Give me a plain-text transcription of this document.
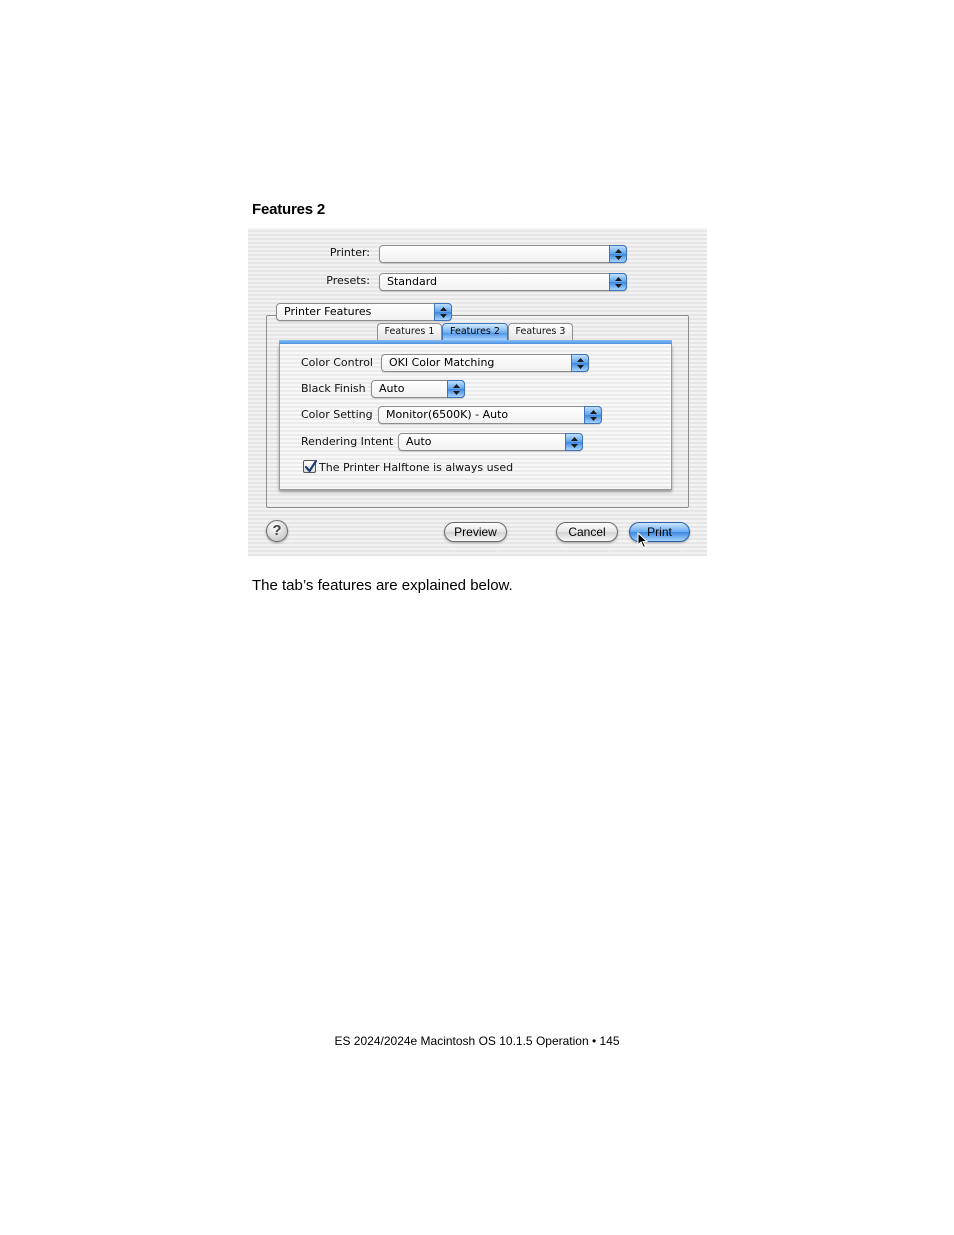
Features 2
Printer:
Presets: Standard
Printer Features
Features 1	Features 2	Features 3
Color Control OKI Color Matching
Black Finish Auto
Color Setting Monitor(6500K) - Auto
Rendering Intent Auto
The Printer Halftone is always used
?	Preview	Cancel	Print
The tab’s features are explained below.
ES 2024/2024e Macintosh OS 10.1.5 Operation • 145
